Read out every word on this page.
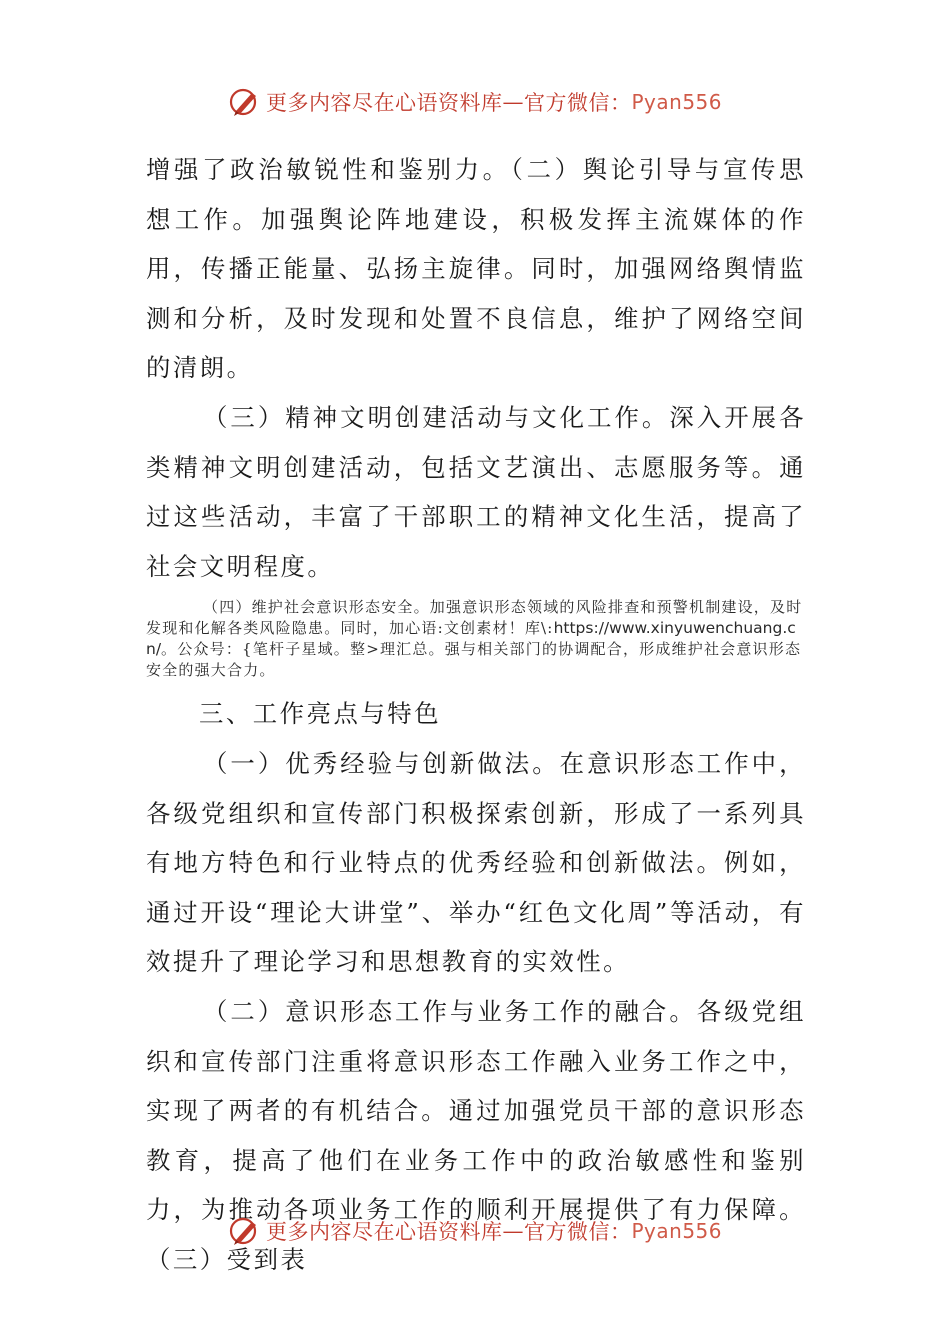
更多内容尽在心语资料库 — 官方微信： Pyan556

增强了政治敏锐性和鉴别力。（二）舆论引导与宣传思想工作。加强舆论阵地建设，积极发挥主流媒体的作用，传播正能量、弘扬主旋律。同时，加强网络舆情监测和分析，及时发现和处置不良信息，维护了网络空间的清朗。

（三）精神文明创建活动与文化工作。深入开展各类精神文明创建活动，包括文艺演出、志愿服务等。通过这些活动，丰富了干部职工的精神文化生活，提高了社会文明程度。

（四）维护社会意识形态安全。加强意识形态领域的风险排查和预警机制建设，及时发现和化解各类风险隐患。同时，加心语:文创素材！库\:https://www.xinyuwenchuang.cn/。公众号：{笔杆子星域。整>理汇总。强与相关部门的协调配合，形成维护社会意识形态安全的强大合力。

三、工作亮点与特色

（一）优秀经验与创新做法。在意识形态工作中，各级党组织和宣传部门积极探索创新，形成了一系列具有地方特色和行业特点的优秀经验和创新做法。例如，通过开设“理论大讲堂”、举办“红色文化周”等活动，有效提升了理论学习和思想教育的实效性。

（二）意识形态工作与业务工作的融合。各级党组织和宣传部门注重将意识形态工作融入业务工作之中，实现了两者的有机结合。通过加强党员干部的意识形态教育，提高了他们在业务工作中的政治敏感性和鉴别力，为推动各项业务工作的顺利开展提供了有力保障。（三）受到表

更多内容尽在心语资料库 — 官方微信： Pyan556
